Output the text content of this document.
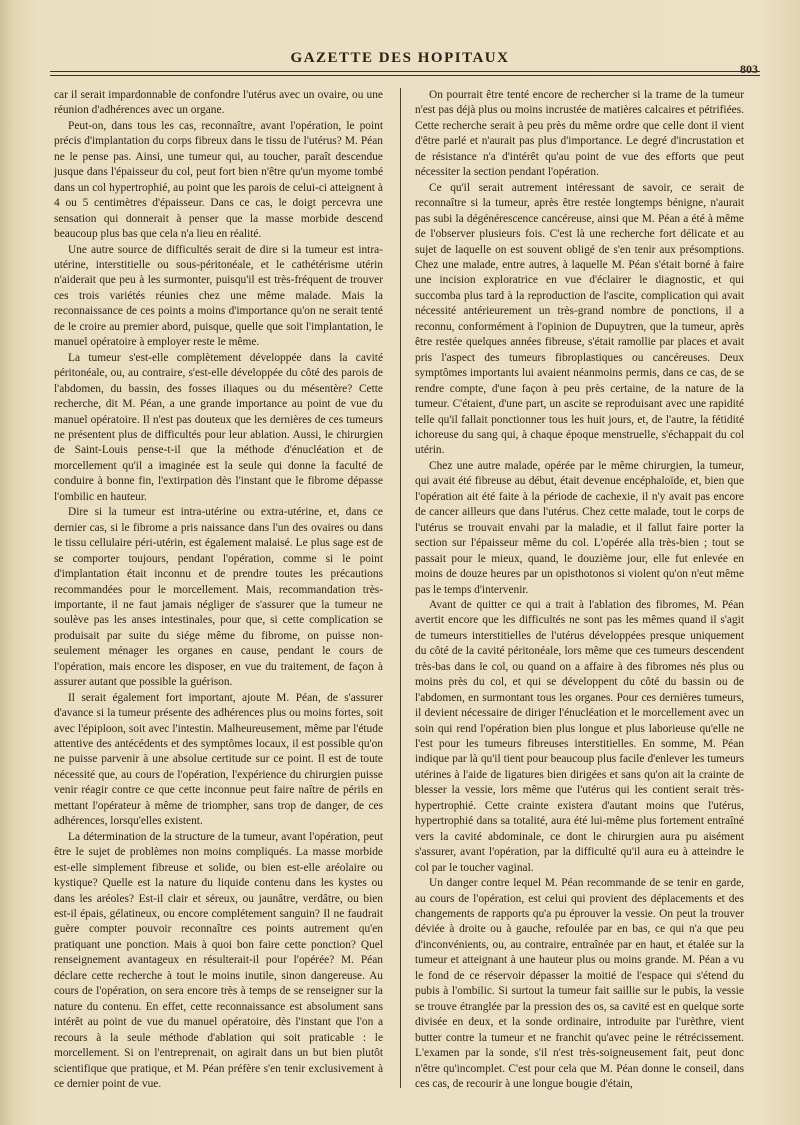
GAZETTE DES HOPITAUX
803

car il serait impardonnable de confondre l'utérus avec un ovaire, ou une réunion d'adhérences avec un organe.

Peut-on, dans tous les cas, reconnaître, avant l'opération, le point précis d'implantation du corps fibreux dans le tissu de l'utérus? M. Péan ne le pense pas. Ainsi, une tumeur qui, au toucher, paraît descendue jusque dans l'épaisseur du col, peut fort bien n'être qu'un myome tombé dans un col hypertrophié, au point que les parois de celui-ci atteignent à 4 ou 5 centimètres d'épaisseur. Dans ce cas, le doigt percevra une sensation qui donnerait à penser que la masse morbide descend beaucoup plus bas que cela n'a lieu en réalité.

Une autre source de difficultés serait de dire si la tumeur est intra-utérine, interstitielle ou sous-péritonéale, et le cathétérisme utérin n'aiderait que peu à les surmonter, puisqu'il est très-fréquent de trouver ces trois variétés réunies chez une même malade. Mais la reconnaissance de ces points a moins d'importance qu'on ne serait tenté de le croire au premier abord, puisque, quelle que soit l'implantation, le manuel opératoire à employer reste le même.

La tumeur s'est-elle complètement développée dans la cavité péritonéale, ou, au contraire, s'est-elle développée du côté des parois de l'abdomen, du bassin, des fosses iliaques ou du mésentère? Cette recherche, dit M. Péan, a une grande importance au point de vue du manuel opératoire. Il n'est pas douteux que les dernières de ces tumeurs ne présentent plus de difficultés pour leur ablation. Aussi, le chirurgien de Saint-Louis pense-t-il que la méthode d'énucléation et de morcellement qu'il a imaginée est la seule qui donne la faculté de conduire à bonne fin, l'extirpation dès l'instant que le fibrome dépasse l'ombilic en hauteur.

Dire si la tumeur est intra-utérine ou extra-utérine, et, dans ce dernier cas, si le fibrome a pris naissance dans l'un des ovaires ou dans le tissu cellulaire péri-utérin, est également malaisé. Le plus sage est de se comporter toujours, pendant l'opération, comme si le point d'implantation était inconnu et de prendre toutes les précautions recommandées pour le morcellement. Mais, recommandation très-importante, il ne faut jamais négliger de s'assurer que la tumeur ne soulève pas les anses intestinales, pour que, si cette complication se produisait par suite du siége même du fibrome, on puisse non-seulement ménager les organes en cause, pendant le cours de l'opération, mais encore les disposer, en vue du traitement, de façon à assurer autant que possible la guérison.

Il serait également fort important, ajoute M. Péan, de s'assurer d'avance si la tumeur présente des adhérences plus ou moins fortes, soit avec l'épiploon, soit avec l'intestin. Malheureusement, même par l'étude attentive des antécédents et des symptômes locaux, il est possible qu'on ne puisse parvenir à une absolue certitude sur ce point. Il est de toute nécessité que, au cours de l'opération, l'expérience du chirurgien puisse venir réagir contre ce que cette inconnue peut faire naître de périls en mettant l'opérateur à même de triompher, sans trop de danger, de ces adhérences, lorsqu'elles existent.

La détermination de la structure de la tumeur, avant l'opération, peut être le sujet de problèmes non moins compliqués. La masse morbide est-elle simplement fibreuse et solide, ou bien est-elle aréolaire ou kystique? Quelle est la nature du liquide contenu dans les kystes ou dans les aréoles? Est-il clair et séreux, ou jaunâtre, verdâtre, ou bien est-il épais, gélatineux, ou encore complétement sanguin? Il ne faudrait guère compter pouvoir reconnaître ces points autrement qu'en pratiquant une ponction. Mais à quoi bon faire cette ponction? Quel renseignement avantageux en résulterait-il pour l'opérée? M. Péan déclare cette recherche à tout le moins inutile, sinon dangereuse. Au cours de l'opération, on sera encore très à temps de se renseigner sur la nature du contenu. En effet, cette reconnaissance est absolument sans intérêt au point de vue du manuel opératoire, dès l'instant que l'on a recours à la seule méthode d'ablation qui soit praticable : le morcellement. Si on l'entreprenait, on agirait dans un but bien plutôt scientifique que pratique, et M. Péan préfère s'en tenir exclusivement à ce dernier point de vue.

On pourrait être tenté encore de rechercher si la trame de la tumeur n'est pas déjà plus ou moins incrustée de matières calcaires et pétrifiées. Cette recherche serait à peu près du même ordre que celle dont il vient d'être parlé et n'aurait pas plus d'importance. Le degré d'incrustation et de résistance n'a d'intérêt qu'au point de vue des efforts que peut nécessiter la section pendant l'opération.

Ce qu'il serait autrement intéressant de savoir, ce serait de reconnaître si la tumeur, après être restée longtemps bénigne, n'aurait pas subi la dégénérescence cancéreuse, ainsi que M. Péan a été à même de l'observer plusieurs fois. C'est là une recherche fort délicate et au sujet de laquelle on est souvent obligé de s'en tenir aux présomptions. Chez une malade, entre autres, à laquelle M. Péan s'était borné à faire une incision exploratrice en vue d'éclairer le diagnostic, et qui succomba plus tard à la reproduction de l'ascite, complication qui avait nécessité antérieurement un très-grand nombre de ponctions, il a reconnu, conformément à l'opinion de Dupuytren, que la tumeur, après être restée quelques années fibreuse, s'était ramollie par places et avait pris l'aspect des tumeurs fibroplastiques ou cancéreuses. Deux symptômes importants lui avaient néanmoins permis, dans ce cas, de se rendre compte, d'une façon à peu près certaine, de la nature de la tumeur. C'étaient, d'une part, un ascite se reproduisant avec une rapidité telle qu'il fallait ponctionner tous les huit jours, et, de l'autre, la fétidité ichoreuse du sang qui, à chaque époque menstruelle, s'échappait du col utérin.

Chez une autre malade, opérée par le même chirurgien, la tumeur, qui avait été fibreuse au début, était devenue encéphaloïde, et, bien que l'opération ait été faite à la période de cachexie, il n'y avait pas encore de cancer ailleurs que dans l'utérus. Chez cette malade, tout le corps de l'utérus se trouvait envahi par la maladie, et il fallut faire porter la section sur l'épaisseur même du col. L'opérée alla très-bien ; tout se passait pour le mieux, quand, le douzième jour, elle fut enlevée en moins de douze heures par un opisthotonos si violent qu'on n'eut même pas le temps d'intervenir.

Avant de quitter ce qui a trait à l'ablation des fibromes, M. Péan avertit encore que les difficultés ne sont pas les mêmes quand il s'agit de tumeurs interstitielles de l'utérus développées presque uniquement du côté de la cavité péritonéale, lors même que ces tumeurs descendent très-bas dans le col, ou quand on a affaire à des fibromes nés plus ou moins près du col, et qui se développent du côté du bassin ou de l'abdomen, en surmontant tous les organes. Pour ces dernières tumeurs, il devient nécessaire de diriger l'énucléation et le morcellement avec un soin qui rend l'opération bien plus longue et plus laborieuse qu'elle ne l'est pour les tumeurs fibreuses interstitielles. En somme, M. Péan indique par là qu'il tient pour beaucoup plus facile d'enlever les tumeurs utérines à l'aide de ligatures bien dirigées et sans qu'on ait la crainte de blesser la vessie, lors même que l'utérus qui les contient serait très-hypertrophié. Cette crainte existera d'autant moins que l'utérus, hypertrophié dans sa totalité, aura été lui-même plus fortement entraîné vers la cavité abdominale, ce dont le chirurgien aura pu aisément s'assurer, avant l'opération, par la difficulté qu'il aura eu à atteindre le col par le toucher vaginal.

Un danger contre lequel M. Péan recommande de se tenir en garde, au cours de l'opération, est celui qui provient des déplacements et des changements de rapports qu'a pu éprouver la vessie. On peut la trouver déviée à droite ou à gauche, refoulée par en bas, ce qui n'a que peu d'inconvénients, ou, au contraire, entraînée par en haut, et étalée sur la tumeur et atteignant à une hauteur plus ou moins grande. M. Péan a vu le fond de ce réservoir dépasser la moitié de l'espace qui s'étend du pubis à l'ombilic. Si surtout la tumeur fait saillie sur le pubis, la vessie se trouve étranglée par la pression des os, sa cavité est en quelque sorte divisée en deux, et la sonde ordinaire, introduite par l'urèthre, vient butter contre la tumeur et ne franchit qu'avec peine le rétrécissement. L'examen par la sonde, s'il n'est très-soigneusement fait, peut donc n'être qu'incomplet. C'est pour cela que M. Péan donne le conseil, dans ces cas, de recourir à une longue bougie d'étain,
